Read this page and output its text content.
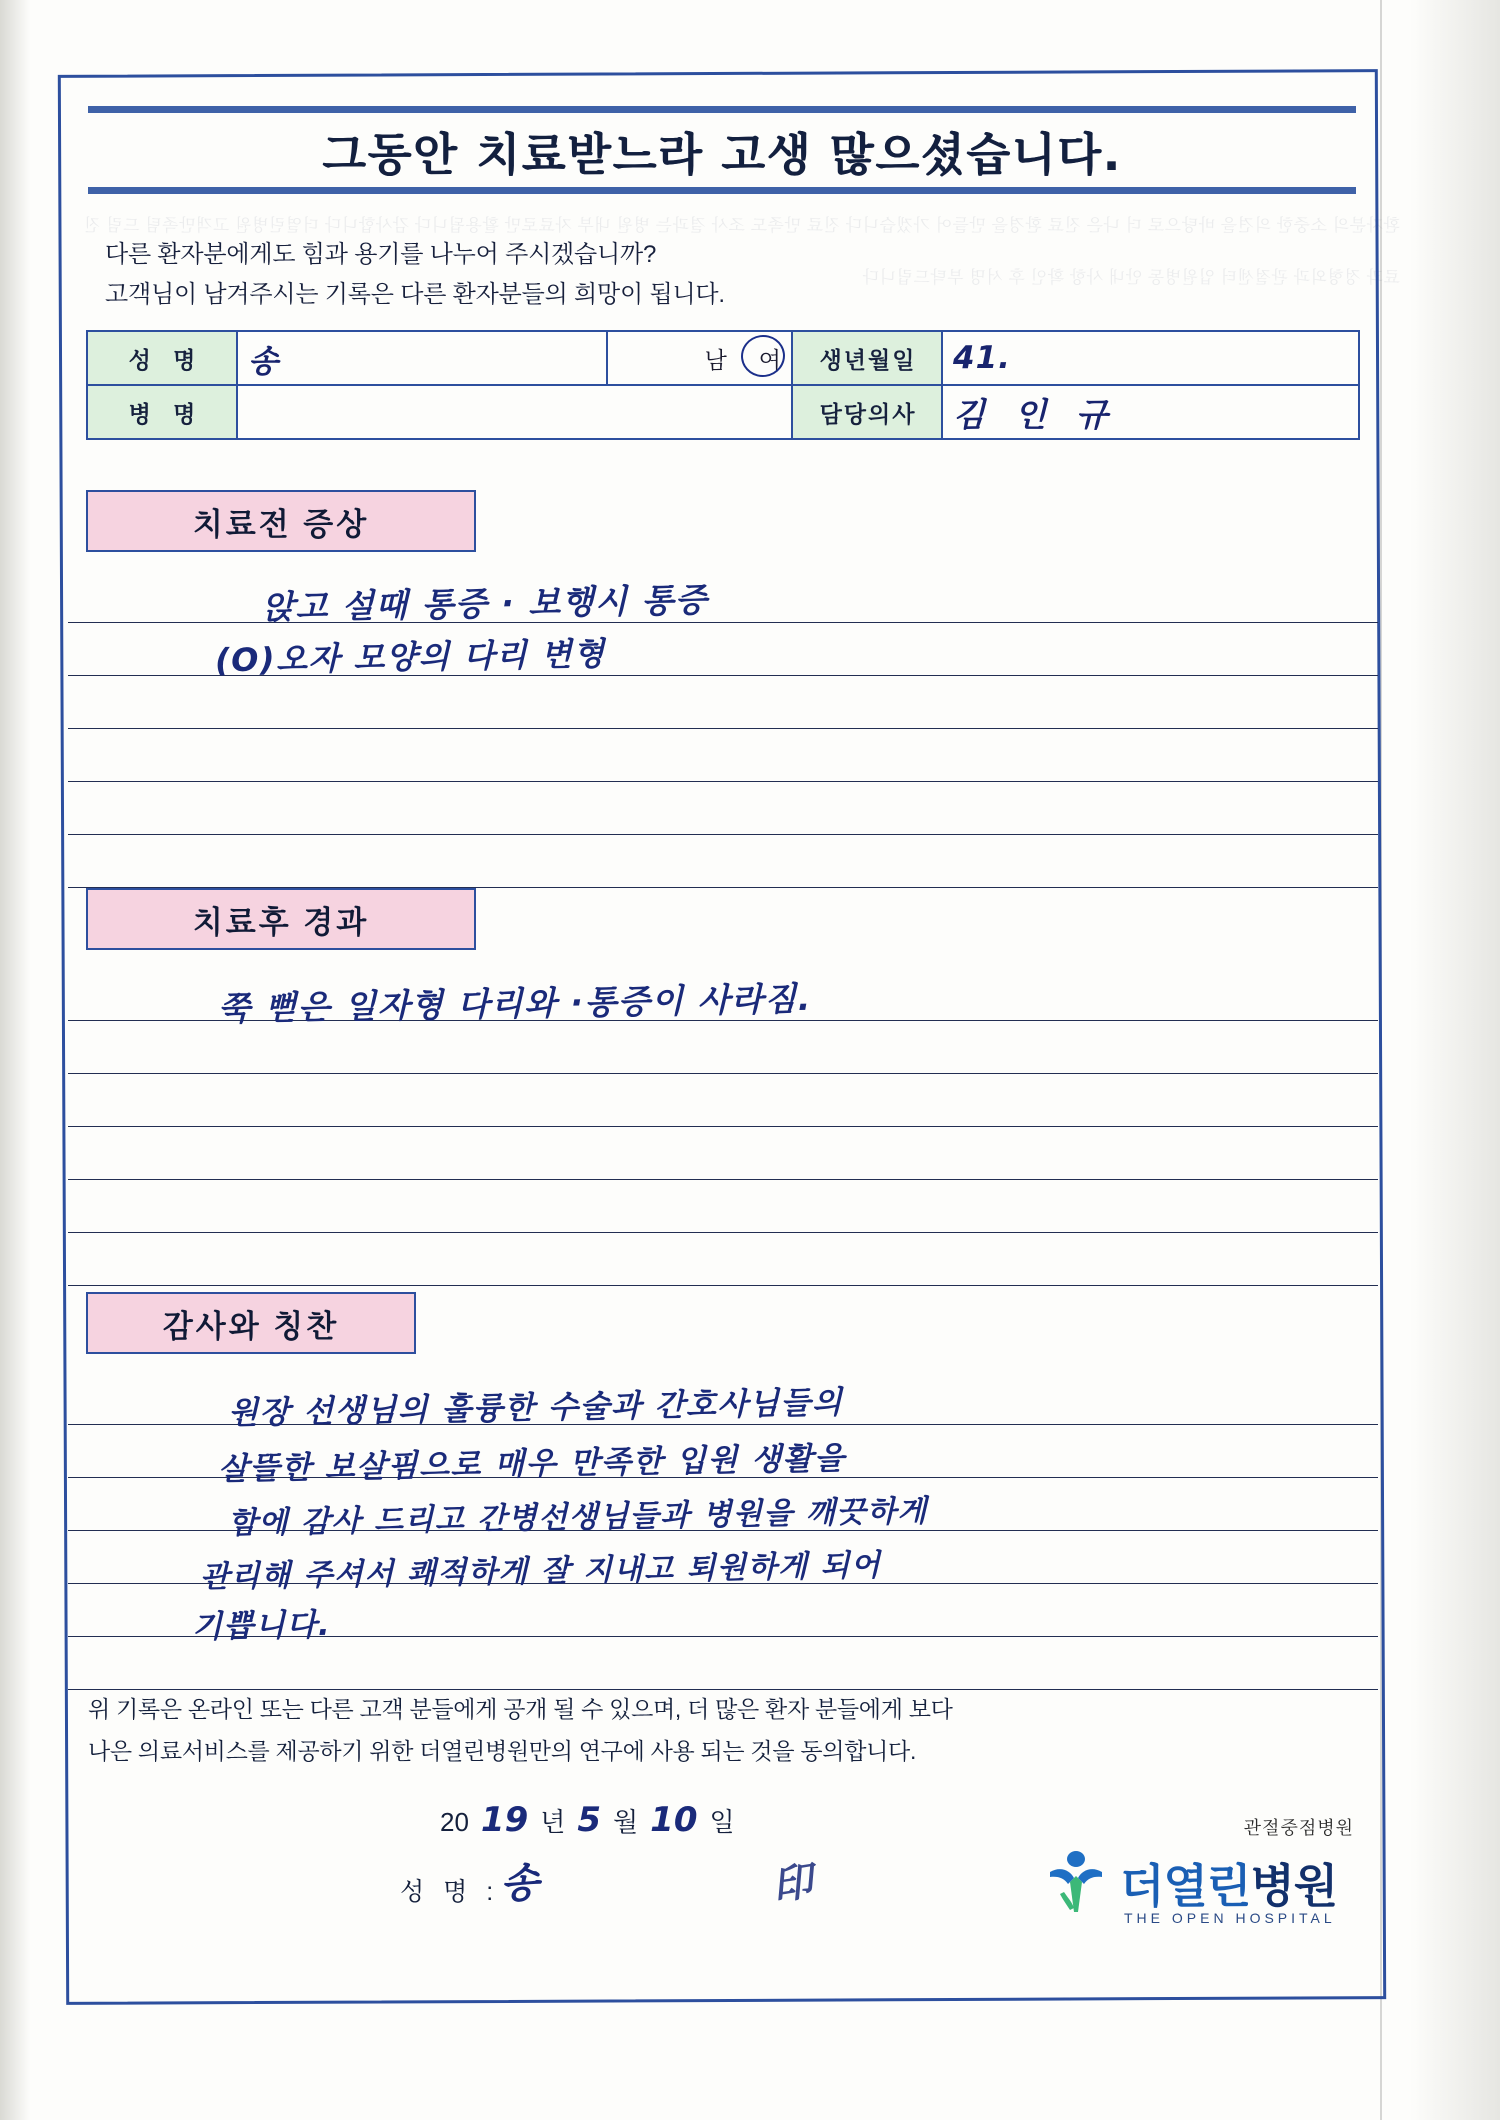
환자분의 소중한 의견을 바탕으로 더 나은 진료 환경을 만들어 가겠습니다 진료 만족도 조사 결과는 병원 내부 자료로만 활용됩니다 감사합니다 더열린병원 고객만족팀 드림 진료과 정형외과 관절센터 입원병동 안내 사항 확인 후 서명 부탁드립니다
그동안 치료받느라 고생 많으셨습니다.
다른 환자분에게도 힘과 용기를 나누어 주시겠습니까?
고객님이 남겨주시는 기록은 다른 환자분들의 희망이 됩니다.
성 명	송	남 여	생년월일	41.
병 명			담당의사	김 인 규
치료전 증상
앉고 설때 통증 · 보행시 통증
(O)오자 모양의 다리 변형
치료후 경과
쭉 뻗은 일자형 다리와 ·통증이 사라짐.
감사와 칭찬
원장 선생님의 훌륭한 수술과 간호사님들의
살뜰한 보살핌으로 매우 만족한 입원 생활을
함에 감사 드리고 간병선생님들과 병원을 깨끗하게
관리해 주셔서 쾌적하게 잘 지내고 퇴원하게 되어
기쁩니다.
위 기록은 온라인 또는 다른 고객 분들에게 공개 될 수 있으며, 더 많은 환자 분들에게 보다
나은 의료서비스를 제공하기 위한 더열린병원만의 연구에 사용 되는 것을 동의합니다.
20 19 년 5 월 10 일
성 명 : 송	印
관절중점병원
더열린병원
THE OPEN HOSPITAL
